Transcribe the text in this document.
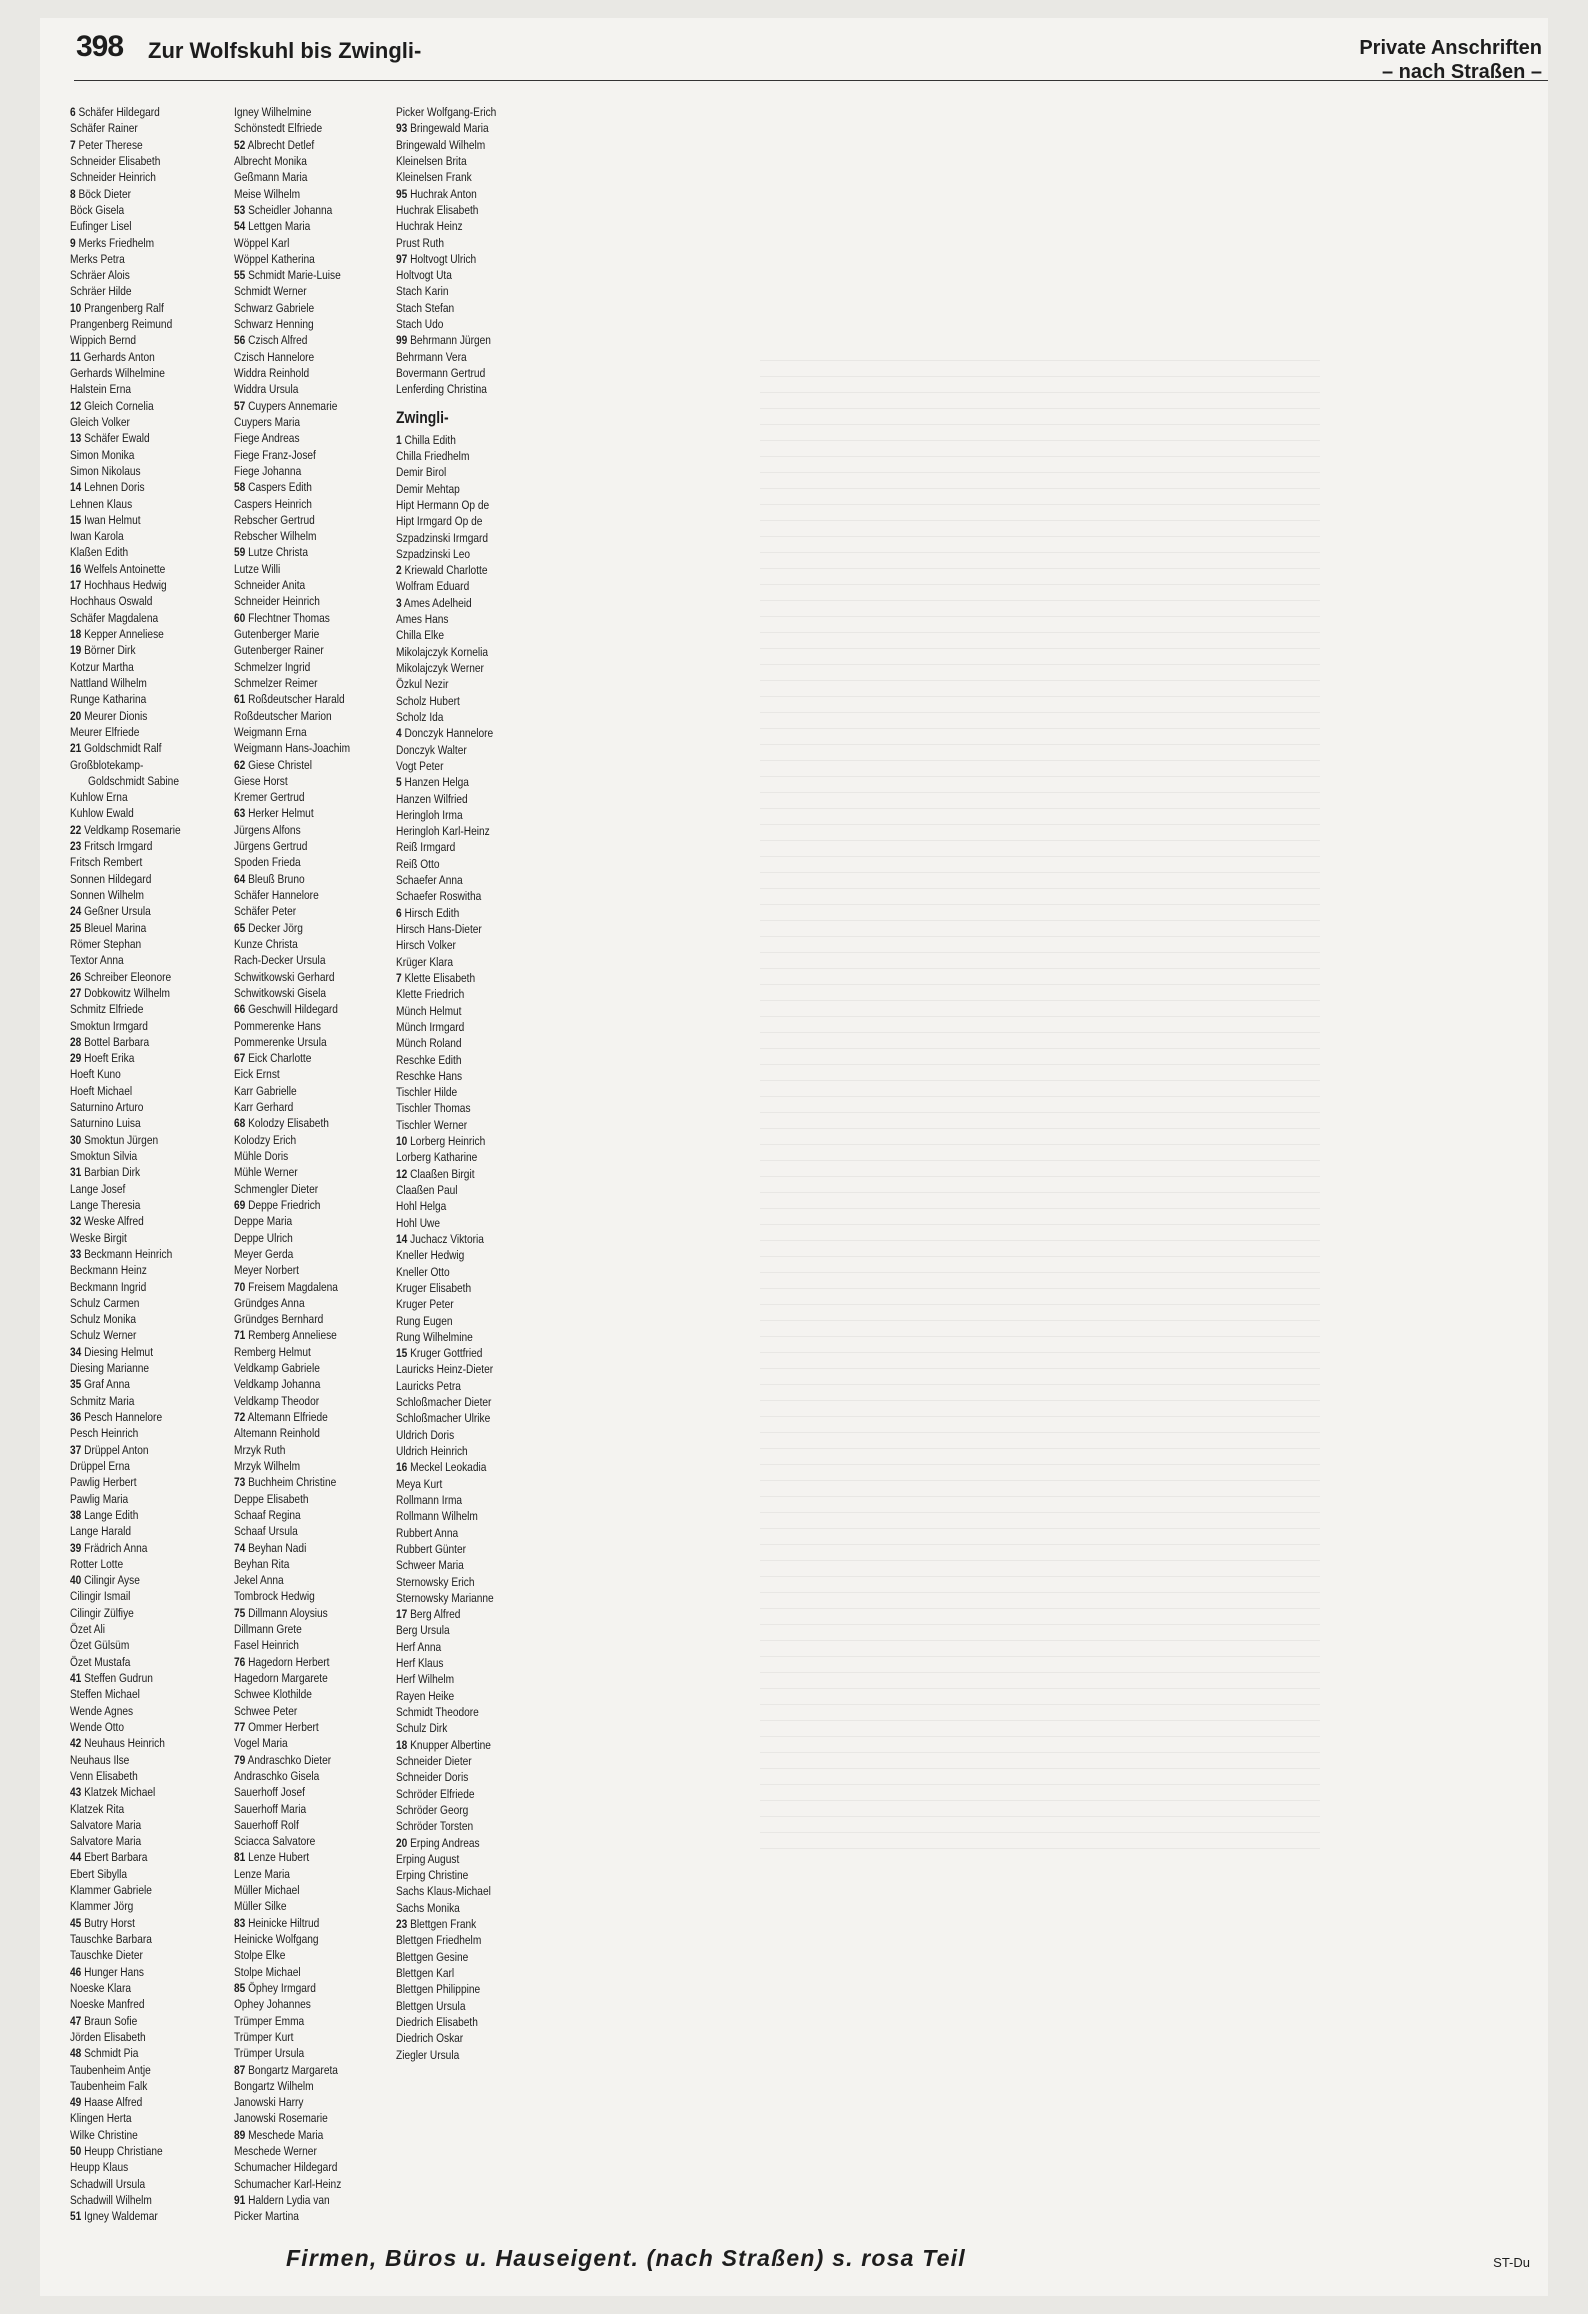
398 Zur Wolfskuhl bis Zwingli-	Private Anschriften
– nach Straßen –
6 Schäfer Hildegard
Schäfer Rainer
7 Peter Therese
Schneider Elisabeth
Schneider Heinrich
8 Böck Dieter
Böck Gisela
Eufinger Lisel
9 Merks Friedhelm
Merks Petra
Schräer Alois
Schräer Hilde
10 Prangenberg Ralf
Prangenberg Reimund
Wippich Bernd
11 Gerhards Anton
Gerhards Wilhelmine
Halstein Erna
12 Gleich Cornelia
Gleich Volker
13 Schäfer Ewald
Simon Monika
Simon Nikolaus
14 Lehnen Doris
Lehnen Klaus
15 Iwan Helmut
Iwan Karola
Klaßen Edith
16 Welfels Antoinette
17 Hochhaus Hedwig
Hochhaus Oswald
Schäfer Magdalena
18 Kepper Anneliese
19 Börner Dirk
Kotzur Martha
Nattland Wilhelm
Runge Katharina
20 Meurer Dionis
Meurer Elfriede
21 Goldschmidt Ralf
Großblotekamp-
Goldschmidt Sabine
Kuhlow Erna
Kuhlow Ewald
22 Veldkamp Rosemarie
23 Fritsch Irmgard
Fritsch Rembert
Sonnen Hildegard
Sonnen Wilhelm
24 Geßner Ursula
25 Bleuel Marina
Römer Stephan
Textor Anna
26 Schreiber Eleonore
27 Dobkowitz Wilhelm
Schmitz Elfriede
Smoktun Irmgard
28 Bottel Barbara
29 Hoeft Erika
Hoeft Kuno
Hoeft Michael
Saturnino Arturo
Saturnino Luisa
30 Smoktun Jürgen
Smoktun Silvia
31 Barbian Dirk
Lange Josef
Lange Theresia
32 Weske Alfred
Weske Birgit
33 Beckmann Heinrich
Beckmann Heinz
Beckmann Ingrid
Schulz Carmen
Schulz Monika
Schulz Werner
34 Diesing Helmut
Diesing Marianne
35 Graf Anna
Schmitz Maria
36 Pesch Hannelore
Pesch Heinrich
37 Drüppel Anton
Drüppel Erna
Pawlig Herbert
Pawlig Maria
38 Lange Edith
Lange Harald
39 Frädrich Anna
Rotter Lotte
40 Cilingir Ayse
Cilingir Ismail
Cilingir Zülfiye
Özet Ali
Özet Gülsüm
Özet Mustafa
41 Steffen Gudrun
Steffen Michael
Wende Agnes
Wende Otto
42 Neuhaus Heinrich
Neuhaus Ilse
Venn Elisabeth
43 Klatzek Michael
Klatzek Rita
Salvatore Maria
Salvatore Maria
44 Ebert Barbara
Ebert Sibylla
Klammer Gabriele
Klammer Jörg
45 Butry Horst
Tauschke Barbara
Tauschke Dieter
46 Hunger Hans
Noeske Klara
Noeske Manfred
47 Braun Sofie
Jörden Elisabeth
48 Schmidt Pia
Taubenheim Antje
Taubenheim Falk
49 Haase Alfred
Klingen Herta
Wilke Christine
50 Heupp Christiane
Heupp Klaus
Schadwill Ursula
Schadwill Wilhelm
51 Igney Waldemar
Igney Wilhelmine
Schönstedt Elfriede
52 Albrecht Detlef
Albrecht Monika
Geßmann Maria
Meise Wilhelm
53 Scheidler Johanna
54 Lettgen Maria
Wöppel Karl
Wöppel Katherina
55 Schmidt Marie-Luise
Schmidt Werner
Schwarz Gabriele
Schwarz Henning
56 Czisch Alfred
Czisch Hannelore
Widdra Reinhold
Widdra Ursula
57 Cuypers Annemarie
Cuypers Maria
Fiege Andreas
Fiege Franz-Josef
Fiege Johanna
58 Caspers Edith
Caspers Heinrich
Rebscher Gertrud
Rebscher Wilhelm
59 Lutze Christa
Lutze Willi
Schneider Anita
Schneider Heinrich
60 Flechtner Thomas
Gutenberger Marie
Gutenberger Rainer
Schmelzer Ingrid
Schmelzer Reimer
61 Roßdeutscher Harald
Roßdeutscher Marion
Weigmann Erna
Weigmann Hans-Joachim
62 Giese Christel
Giese Horst
Kremer Gertrud
63 Herker Helmut
Jürgens Alfons
Jürgens Gertrud
Spoden Frieda
64 Bleuß Bruno
Schäfer Hannelore
Schäfer Peter
65 Decker Jörg
Kunze Christa
Rach-Decker Ursula
Schwitkowski Gerhard
Schwitkowski Gisela
66 Geschwill Hildegard
Pommerenke Hans
Pommerenke Ursula
67 Eick Charlotte
Eick Ernst
Karr Gabrielle
Karr Gerhard
68 Kolodzy Elisabeth
Kolodzy Erich
Mühle Doris
Mühle Werner
Schmengler Dieter
69 Deppe Friedrich
Deppe Maria
Deppe Ulrich
Meyer Gerda
Meyer Norbert
70 Freisem Magdalena
Gründges Anna
Gründges Bernhard
71 Remberg Anneliese
Remberg Helmut
Veldkamp Gabriele
Veldkamp Johanna
Veldkamp Theodor
72 Altemann Elfriede
Altemann Reinhold
Mrzyk Ruth
Mrzyk Wilhelm
73 Buchheim Christine
Deppe Elisabeth
Schaaf Regina
Schaaf Ursula
74 Beyhan Nadi
Beyhan Rita
Jekel Anna
Tombrock Hedwig
75 Dillmann Aloysius
Dillmann Grete
Fasel Heinrich
76 Hagedorn Herbert
Hagedorn Margarete
Schwee Klothilde
Schwee Peter
77 Ommer Herbert
Vogel Maria
79 Andraschko Dieter
Andraschko Gisela
Sauerhoff Josef
Sauerhoff Maria
Sauerhoff Rolf
Sciacca Salvatore
81 Lenze Hubert
Lenze Maria
Müller Michael
Müller Silke
83 Heinicke Hiltrud
Heinicke Wolfgang
Stolpe Elke
Stolpe Michael
85 Öphey Irmgard
Ophey Johannes
Trümper Emma
Trümper Kurt
Trümper Ursula
87 Bongartz Margareta
Bongartz Wilhelm
Janowski Harry
Janowski Rosemarie
89 Meschede Maria
Meschede Werner
Schumacher Hildegard
Schumacher Karl-Heinz
91 Haldern Lydia van
Picker Martina
Picker Wolfgang-Erich
93 Bringewald Maria
Bringewald Wilhelm
Kleinelsen Brita
Kleinelsen Frank
95 Huchrak Anton
Huchrak Elisabeth
Huchrak Heinz
Prust Ruth
97 Holtvogt Ulrich
Holtvogt Uta
Stach Karin
Stach Stefan
Stach Udo
99 Behrmann Jürgen
Behrmann Vera
Bovermann Gertrud
Lenferding Christina
Zwingli-
1 Chilla Edith
Chilla Friedhelm
Demir Birol
Demir Mehtap
Hipt Hermann Op de
Hipt Irmgard Op de
Szpadzinski Irmgard
Szpadzinski Leo
2 Kriewald Charlotte
Wolfram Eduard
3 Ames Adelheid
Ames Hans
Chilla Elke
Mikolajczyk Kornelia
Mikolajczyk Werner
Özkul Nezir
Scholz Hubert
Scholz Ida
4 Donczyk Hannelore
Donczyk Walter
Vogt Peter
5 Hanzen Helga
Hanzen Wilfried
Heringloh Irma
Heringloh Karl-Heinz
Reiß Irmgard
Reiß Otto
Schaefer Anna
Schaefer Roswitha
6 Hirsch Edith
Hirsch Hans-Dieter
Hirsch Volker
Krüger Klara
7 Klette Elisabeth
Klette Friedrich
Münch Helmut
Münch Irmgard
Münch Roland
Reschke Edith
Reschke Hans
Tischler Hilde
Tischler Thomas
Tischler Werner
10 Lorberg Heinrich
Lorberg Katharine
12 Claaßen Birgit
Claaßen Paul
Hohl Helga
Hohl Uwe
14 Juchacz Viktoria
Kneller Hedwig
Kneller Otto
Kruger Elisabeth
Kruger Peter
Rung Eugen
Rung Wilhelmine
15 Kruger Gottfried
Lauricks Heinz-Dieter
Lauricks Petra
Schloßmacher Dieter
Schloßmacher Ulrike
Uldrich Doris
Uldrich Heinrich
16 Meckel Leokadia
Meya Kurt
Rollmann Irma
Rollmann Wilhelm
Rubbert Anna
Rubbert Günter
Schweer Maria
Sternowsky Erich
Sternowsky Marianne
17 Berg Alfred
Berg Ursula
Herf Anna
Herf Klaus
Herf Wilhelm
Rayen Heike
Schmidt Theodore
Schulz Dirk
18 Knupper Albertine
Schneider Dieter
Schneider Doris
Schröder Elfriede
Schröder Georg
Schröder Torsten
20 Erping Andreas
Erping August
Erping Christine
Sachs Klaus-Michael
Sachs Monika
23 Blettgen Frank
Blettgen Friedhelm
Blettgen Gesine
Blettgen Karl
Blettgen Philippine
Blettgen Ursula
Diedrich Elisabeth
Diedrich Oskar
Ziegler Ursula
Firmen, Büros u. Hauseigent. (nach Straßen) s. rosa Teil	ST-Du
